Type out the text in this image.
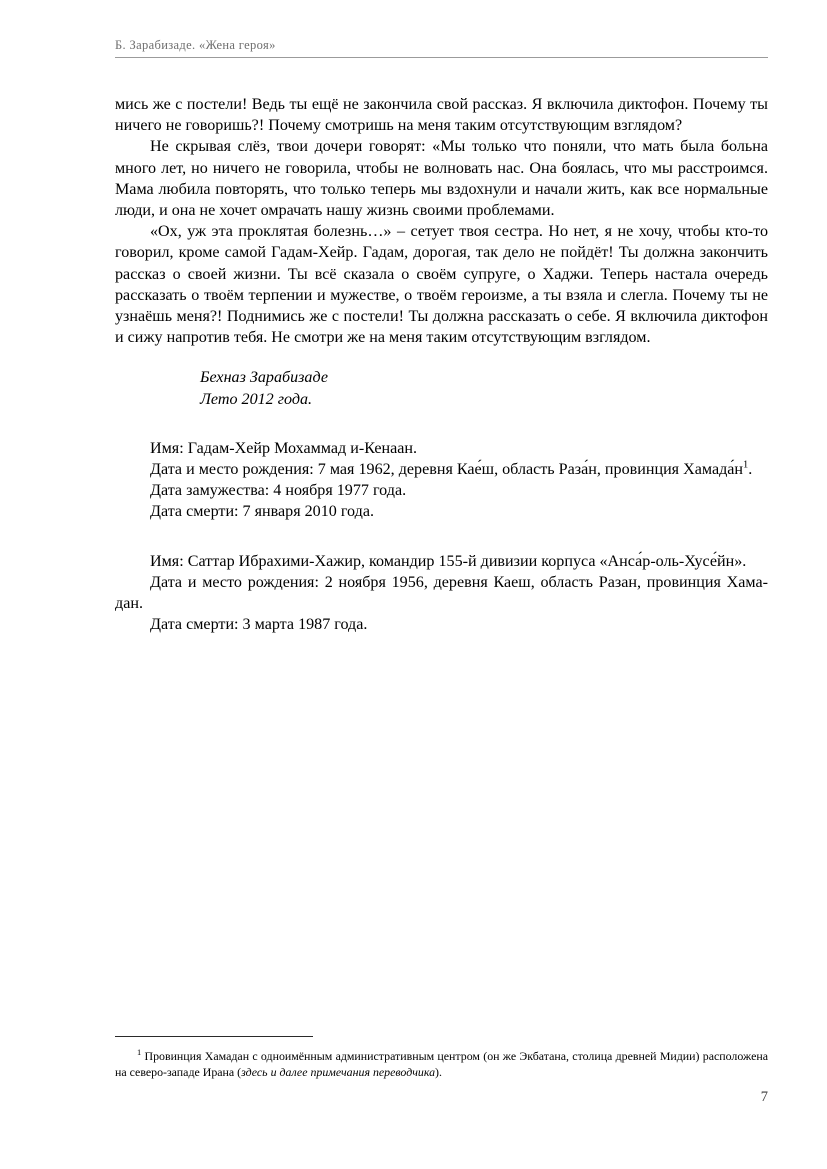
Б. Зарабизаде. «Жена героя»

мись же с постели! Ведь ты ещё не закончила свой рассказ. Я включила диктофон. Почему ты ничего не говоришь?! Почему смотришь на меня таким отсутствующим взглядом?

Не скрывая слёз, твои дочери говорят: «Мы только что поняли, что мать была больна много лет, но ничего не говорила, чтобы не волновать нас. Она боялась, что мы расстроимся. Мама любила повторять, что только теперь мы вздохнули и начали жить, как все нормальные люди, и она не хочет омрачать нашу жизнь своими проблемами.

«Ох, уж эта проклятая болезнь…» – сетует твоя сестра. Но нет, я не хочу, чтобы кто-то говорил, кроме самой Гадам-Хейр. Гадам, дорогая, так дело не пойдёт! Ты должна закончить рассказ о своей жизни. Ты всё сказала о своём супруге, о Хаджи. Теперь настала очередь рассказать о твоём терпении и мужестве, о твоём героизме, а ты взяла и слегла. Почему ты не узнаёшь меня?! Поднимись же с постели! Ты должна рассказать о себе. Я включила диктофон и сижу напротив тебя. Не смотри же на меня таким отсутствующим взглядом.

Бехназ Зарабизаде
Лето 2012 года.

Имя: Гадам-Хейр Мохаммад и-Кенаан.

Дата и место рождения: 7 мая 1962, деревня Кае́ш, область Раза́н, провинция Хамада́н$^1$.

Дата замужества: 4 ноября 1977 года.

Дата смерти: 7 января 2010 года.

Имя: Саттар Ибрахими-Хажир, командир 155-й дивизии корпуса «Анса́р-оль-Хусе́йн».

Дата и место рождения: 2 ноября 1956, деревня Каеш, область Разан, провинция Хама-дан.

Дата смерти: 3 марта 1987 года.

$^1$ Провинция Хамадан с одноимённым административным центром (он же Экбатана, столица древней Мидии) расположена на северо-западе Ирана (здесь и далее примечания переводчика).
7
